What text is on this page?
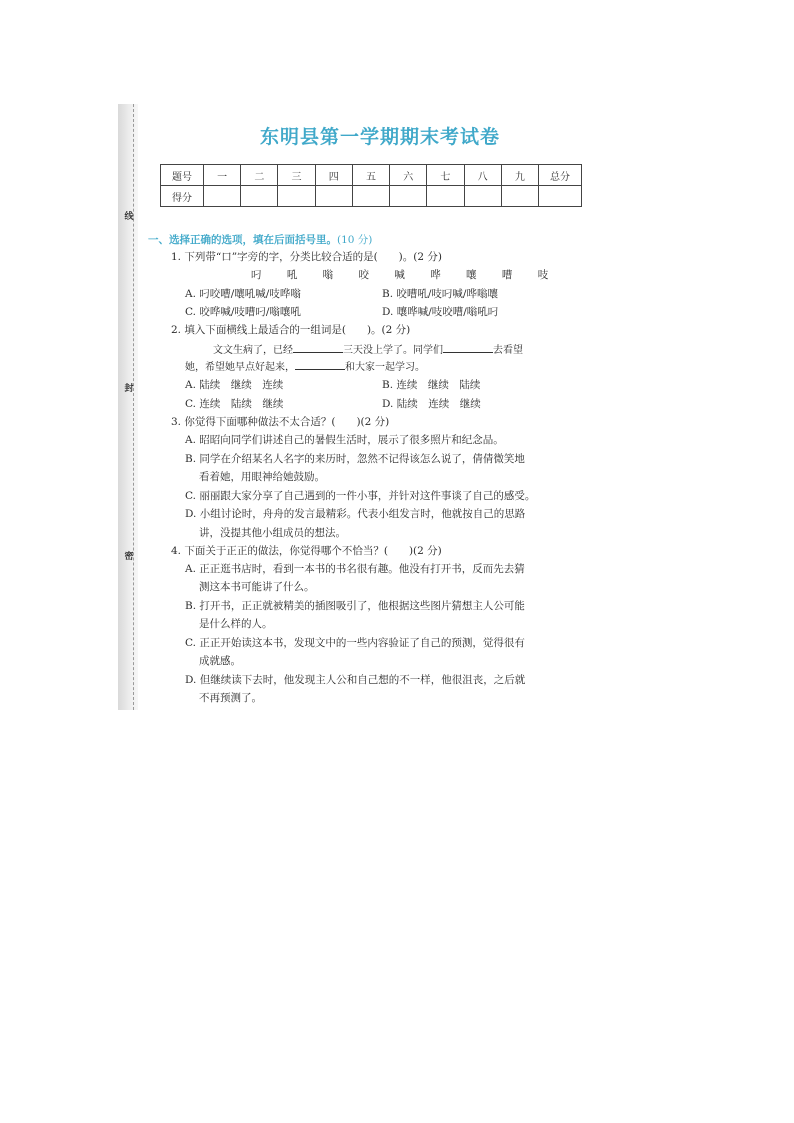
线
封
密
东明县第一学期期末考试卷
题号	一	二	三	四	五	六	七	八	九	总分
得分										
一、选择正确的选项，填在后面括号里。(10 分)
1. 下列带“口”字旁的字，分类比较合适的是(　　)。(2 分)
叼 吼 嗡 咬 喊 哗 嚷 嘈 吱
A. 叼咬嘈/嚷吼喊/吱哗嗡	B. 咬嘈吼/吱叼喊/哗嗡嚷
C. 咬哗喊/吱嘈叼/嗡嚷吼	D. 嚷哗喊/吱咬嘈/嗡吼叼
2. 填入下面横线上最适合的一组词是(　　)。(2 分)
文文生病了，已经	三天没上学了。同学们	去看望
她，希望她早点好起来，	和大家一起学习。
A. 陆续　继续　连续	B. 连续　继续　陆续
C. 连续　陆续　继续	D. 陆续　连续　继续
3. 你觉得下面哪种做法不太合适？(　　)(2 分)
A. 昭昭向同学们讲述自己的暑假生活时，展示了很多照片和纪念品。
B. 同学在介绍某名人名字的来历时，忽然不记得该怎么说了，倩倩微笑地
看着她，用眼神给她鼓励。
C. 丽丽跟大家分享了自己遇到的一件小事，并针对这件事谈了自己的感受。
D. 小组讨论时，舟舟的发言最精彩。代表小组发言时，他就按自己的思路
讲，没提其他小组成员的想法。
4. 下面关于正正的做法，你觉得哪个不恰当？(　　)(2 分)
A. 正正逛书店时，看到一本书的书名很有趣。他没有打开书，反而先去猜
测这本书可能讲了什么。
B. 打开书，正正就被精美的插图吸引了，他根据这些图片猜想主人公可能
是什么样的人。
C. 正正开始读这本书，发现文中的一些内容验证了自己的预测，觉得很有
成就感。
D. 但继续读下去时，他发现主人公和自己想的不一样，他很沮丧，之后就
不再预测了。
